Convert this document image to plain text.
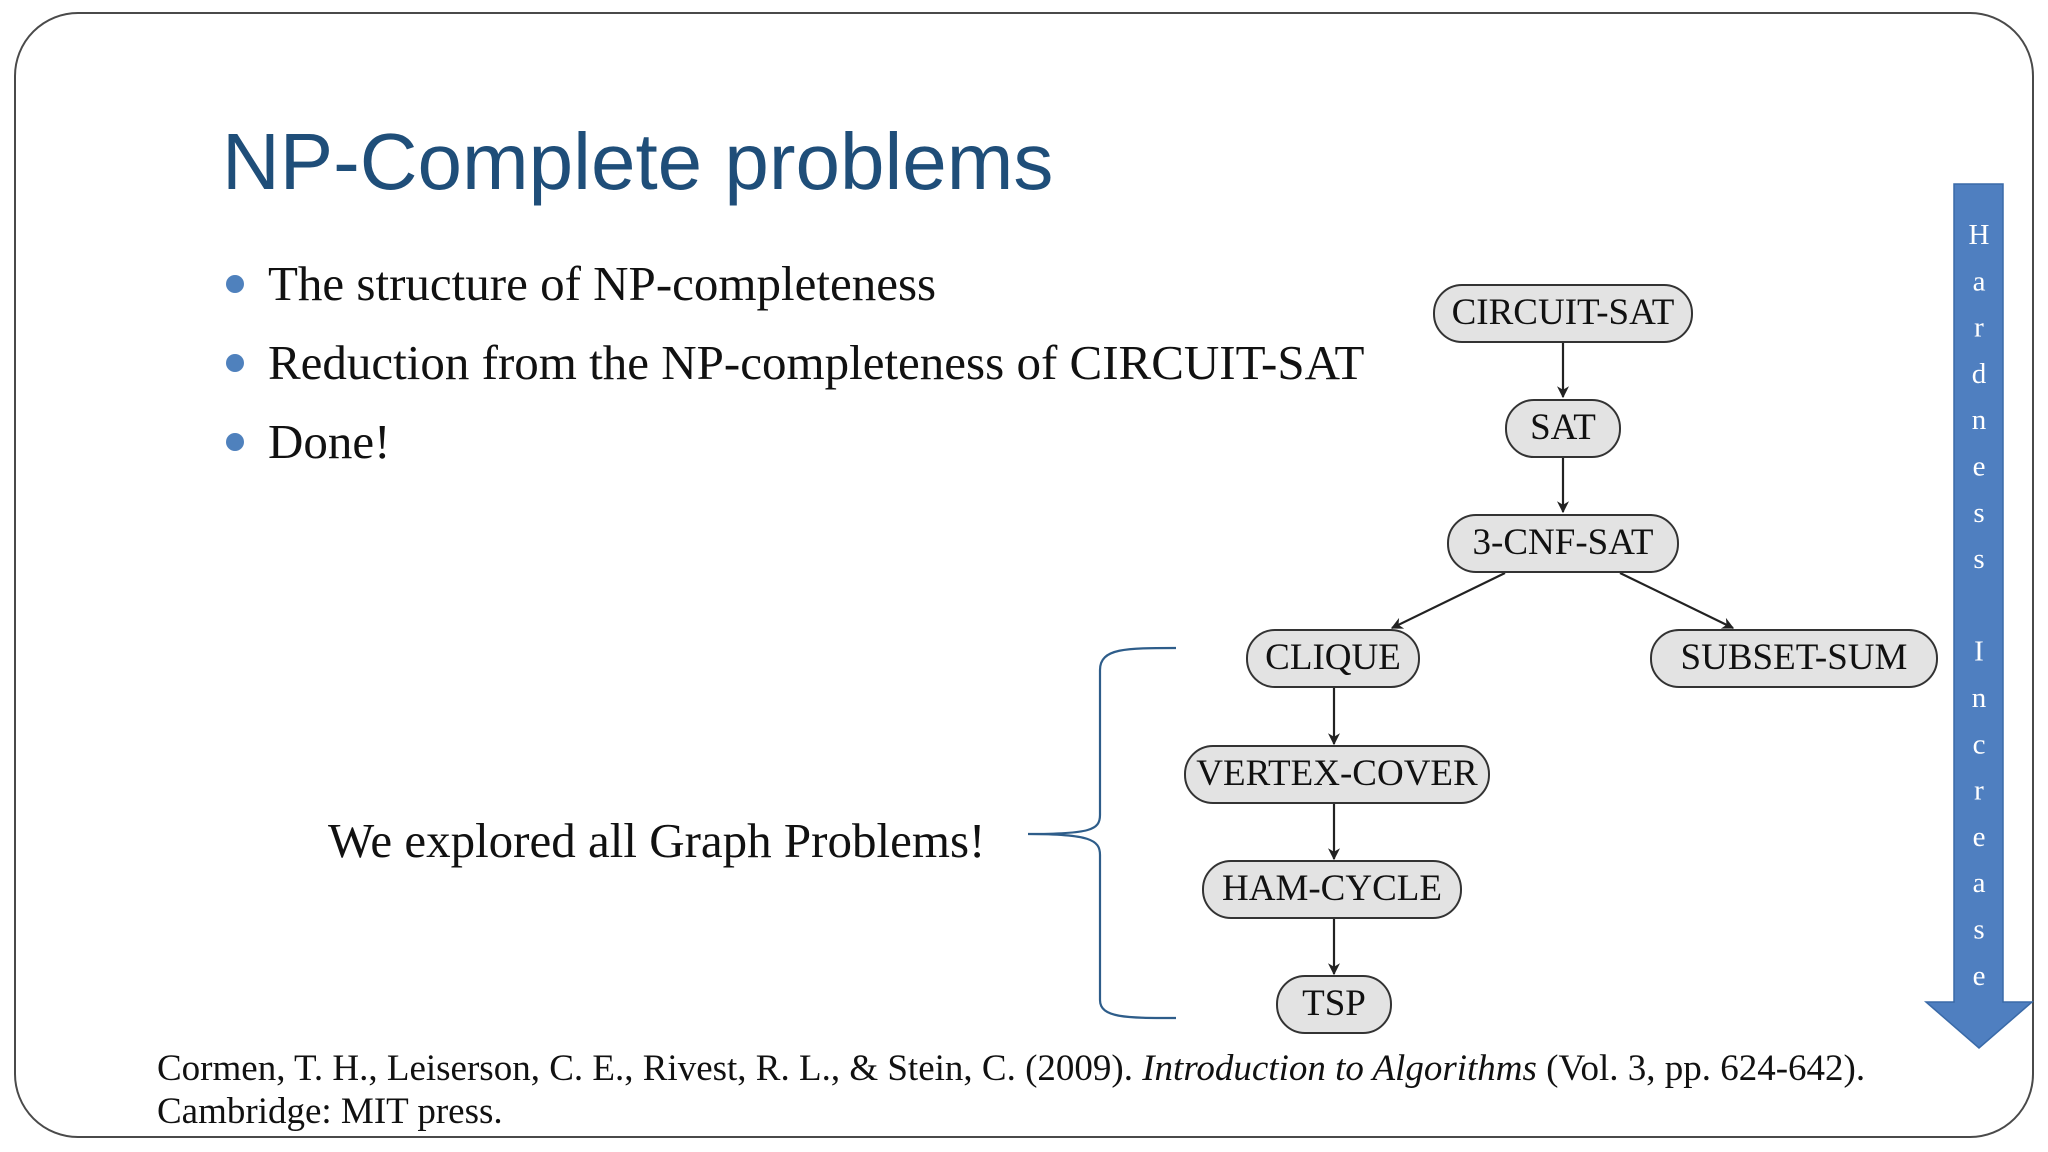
NP-Complete problems
The structure of NP-completeness
Reduction from the NP-completeness of CIRCUIT-SAT
Done!
We explored all Graph Problems!
H a r d n e s s I n c r e a s e
CIRCUIT-SAT
SAT
3-CNF-SAT
CLIQUE	SUBSET-SUM
VERTEX-COVER
HAM-CYCLE
TSP
Cormen, T. H., Leiserson, C. E., Rivest, R. L., & Stein, C. (2009). Introduction to Algorithms (Vol. 3, pp. 624-642). Cambridge: MIT press.
